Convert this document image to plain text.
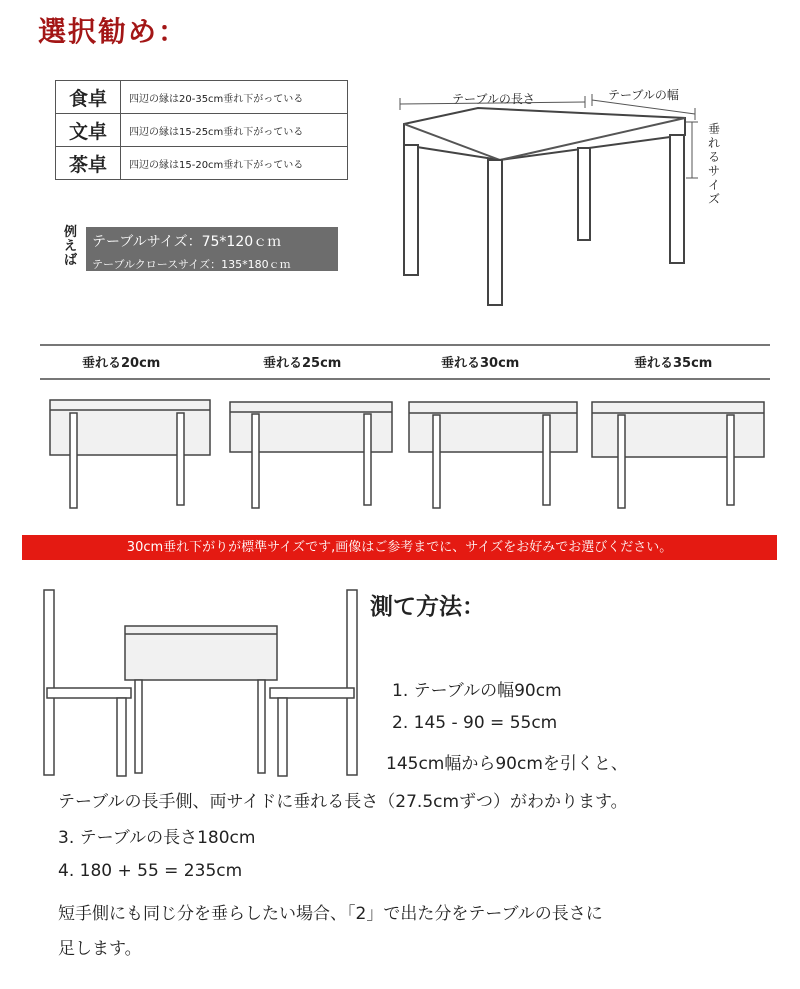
選択勧め：
食卓	四辺の縁は20-35cm垂れ下がっている
文卓	四辺の縁は15-25cm垂れ下がっている
茶卓	四辺の縁は15-20cm垂れ下がっている
例えば
テーブルサイズ：75*120ｃｍ
テーブルクロースサイズ：135*180ｃｍ
テーブルの長さ	テーブルの幅
垂れるサイズ
垂れる20cm	垂れる25cm	垂れる30cm	垂れる35cm
30cm垂れ下がりが標準サイズです,画像はご参考までに、サイズをお好みでお選びください。
測て方法：
1. テーブルの幅90cm
2. 145 - 90 = 55cm
145cm幅から90cmを引くと、
テーブルの長手側、両サイドに垂れる長さ（27.5cmずつ）がわかります。
3. テーブルの長さ180cm
4. 180 + 55 = 235cm
短手側にも同じ分を垂らしたい場合、「2」で出た分をテーブルの長さに
足します。
